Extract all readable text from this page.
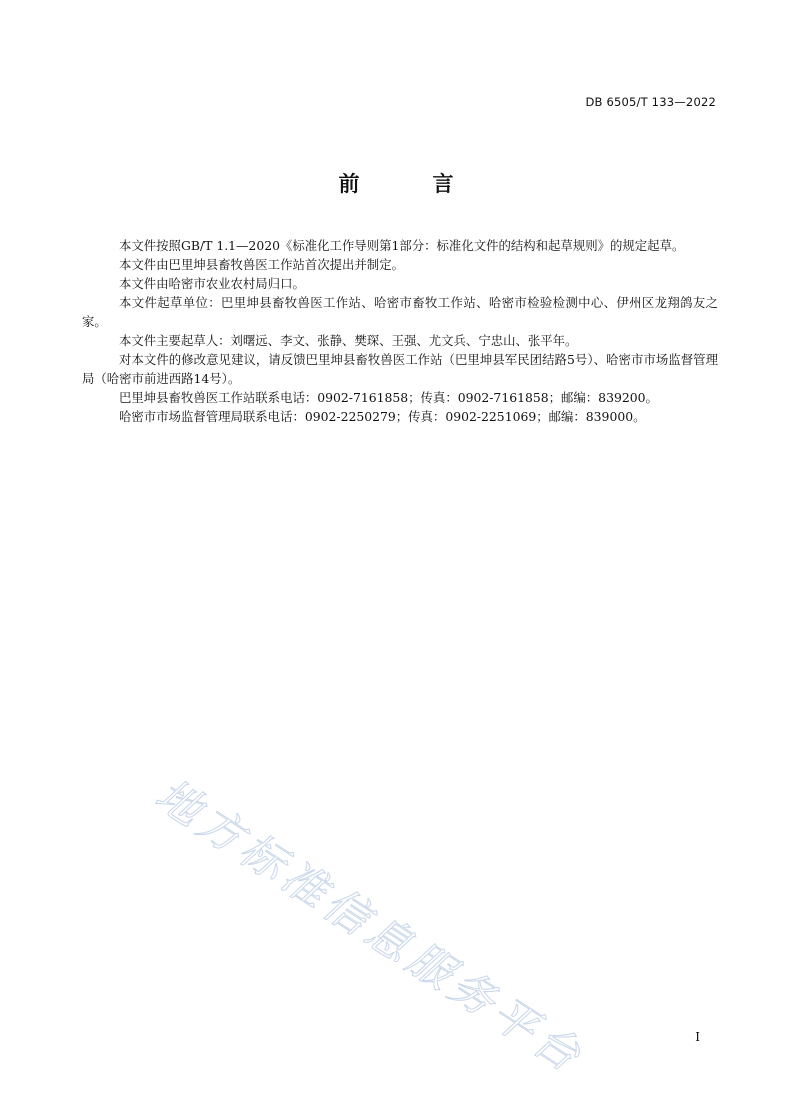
DB 6505/T 133—2022
前　言

本文件按照GB/T 1.1—2020《标准化工作导则第1部分：标准化文件的结构和起草规则》的规定起草。

本文件由巴里坤县畜牧兽医工作站首次提出并制定。

本文件由哈密市农业农村局归口。

本文件起草单位：巴里坤县畜牧兽医工作站、哈密市畜牧工作站、哈密市检验检测中心、伊州区龙翔鸽友之家。

本文件主要起草人：刘曙远、李文、张静、樊琛、王强、尤文兵、宁忠山、张平年。

对本文件的修改意见建议，请反馈巴里坤县畜牧兽医工作站（巴里坤县军民团结路5号）、哈密市市场监督管理局（哈密市前进西路14号）。

巴里坤县畜牧兽医工作站联系电话：0902-7161858；传真：0902-7161858；邮编：839200。

哈密市市场监督管理局联系电话：0902-2250279；传真：0902-2251069；邮编：839000。

地方标准信息服务平台	I
